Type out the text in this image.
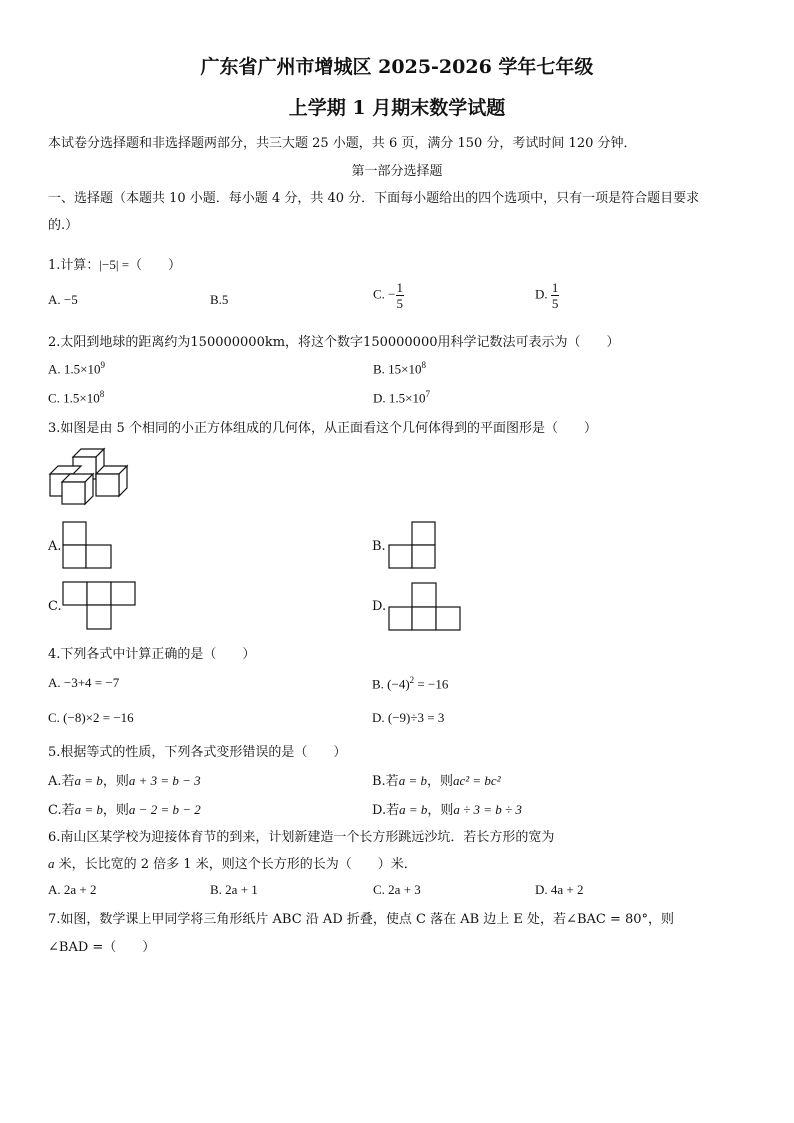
广东省广州市增城区 2025-2026 学年七年级
上学期 1 月期末数学试题
本试卷分选择题和非选择题两部分，共三大题 25 小题，共 6 页，满分 150 分，考试时间 120 分钟．
第一部分选择题
一、选择题（本题共 10 小题．每小题 4 分，共 40 分．下面每小题给出的四个选项中，只有一项是符合题目要求
的.）
1.计算：|−5| =（　　）
A. −5	B.5	C. − $\frac{1}{5}$	D. $\frac{1}{5}$
2.太阳到地球的距离约为150000000km，将这个数字150000000用科学记数法可表示为（　　）
A. $1.5\times 10^9$	B. $15\times 10^8$
C. $1.5\times 10^8$	D. $1.5\times 10^7$
3.如图是由 5 个相同的小正方体组成的几何体，从正面看这个几何体得到的平面图形是（　　）
A.	B.
C.	D.
4.下列各式中计算正确的是（　　）
A. −3+4 = −7	B. $(-4)^2 = -16$
C. (−8)×2 = −16	D. (−9)÷3 = 3
5.根据等式的性质，下列各式变形错误的是（　　）
A.若a = b，则a + 3 = b − 3	B.若a = b，则ac² = bc²
C.若a = b，则a − 2 = b − 2	D.若a = b，则a ÷ 3 = b ÷ 3
6.南山区某学校为迎接体育节的到来，计划新建造一个长方形跳远沙坑．若长方形的宽为
a 米，长比宽的 2 倍多 1 米，则这个长方形的长为（　　）米．
A. 2a + 2	B. 2a + 1	C. 2a + 3	D. 4a + 2
7.如图，数学课上甲同学将三角形纸片 ABC 沿 AD 折叠，使点 C 落在 AB 边上 E 处，若∠BAC = 80°，则
∠BAD =（　　）
